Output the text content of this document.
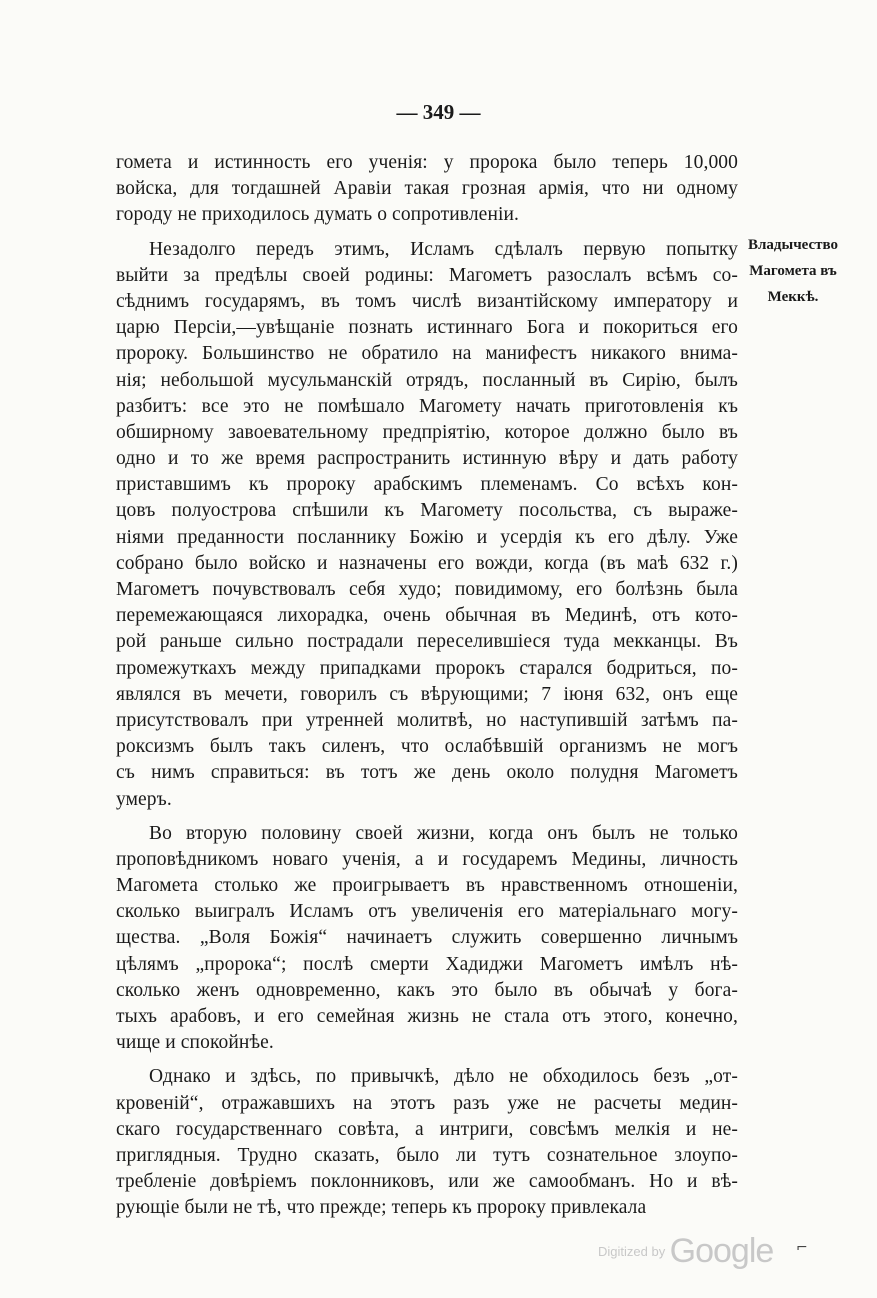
— 349 —
гомета и истинность его ученія: у пророка было теперь 10,000
войска, для тогдашней Аравіи такая грозная армія, что ни одному
городу не приходилось думать о сопротивленіи.
Незадолго передъ этимъ, Исламъ сдѣлалъ первую попытку
выйти за предѣлы своей родины: Магометъ разослалъ всѣмъ со-
сѣднимъ государямъ, въ томъ числѣ византійскому императору и
царю Персіи,—увѣщаніе познать истиннаго Бога и покориться его
пророку. Большинство не обратило на манифестъ никакого внима-
нія; небольшой мусульманскій отрядъ, посланный въ Сирію, былъ
разбитъ: все это не помѣшало Магомету начать приготовленія къ
обширному завоевательному предпріятію, которое должно было въ
одно и то же время распространить истинную вѣру и дать работу
приставшимъ къ пророку арабскимъ племенамъ. Со всѣхъ кон-
цовъ полуострова спѣшили къ Магомету посольства, съ выраже-
ніями преданности посланнику Божію и усердія къ его дѣлу. Уже
собрано было войско и назначены его вожди, когда (въ маѣ 632 г.)
Магометъ почувствовалъ себя худо; повидимому, его болѣзнь была
перемежающаяся лихорадка, очень обычная въ Мединѣ, отъ кото-
рой раньше сильно пострадали переселившіеся туда мекканцы. Въ
промежуткахъ между припадками пророкъ старался бодриться, по-
являлся въ мечети, говорилъ съ вѣрующими; 7 іюня 632, онъ еще
присутствовалъ при утренней молитвѣ, но наступившій затѣмъ па-
роксизмъ былъ такъ силенъ, что ослабѣвшій организмъ не могъ
съ нимъ справиться: въ тотъ же день около полудня Магометъ
умеръ.
Во вторую половину своей жизни, когда онъ былъ не только
проповѣдникомъ новаго ученія, а и государемъ Медины, личность
Магомета столько же проигрываетъ въ нравственномъ отношеніи,
сколько выигралъ Исламъ отъ увеличенія его матеріальнаго могу-
щества. „Воля Божія“ начинаетъ служить совершенно личнымъ
цѣлямъ „пророка“; послѣ смерти Хадиджи Магометъ имѣлъ нѣ-
сколько женъ одновременно, какъ это было въ обычаѣ у бога-
тыхъ арабовъ, и его семейная жизнь не стала отъ этого, конечно,
чище и спокойнѣе.
Однако и здѣсь, по привычкѣ, дѣло не обходилось безъ „от-
кровеній“, отражавшихъ на этотъ разъ уже не расчеты медин-
скаго государственнаго совѣта, а интриги, совсѣмъ мелкія и не-
приглядныя. Трудно сказать, было ли тутъ сознательное злоупо-
требленіе довѣріемъ поклонниковъ, или же самообманъ. Но и вѣ-
рующіе были не тѣ, что прежде; теперь къ пророку привлекала
Владычество
Магомета въ
Меккѣ.
Digitized by Google ⌐
